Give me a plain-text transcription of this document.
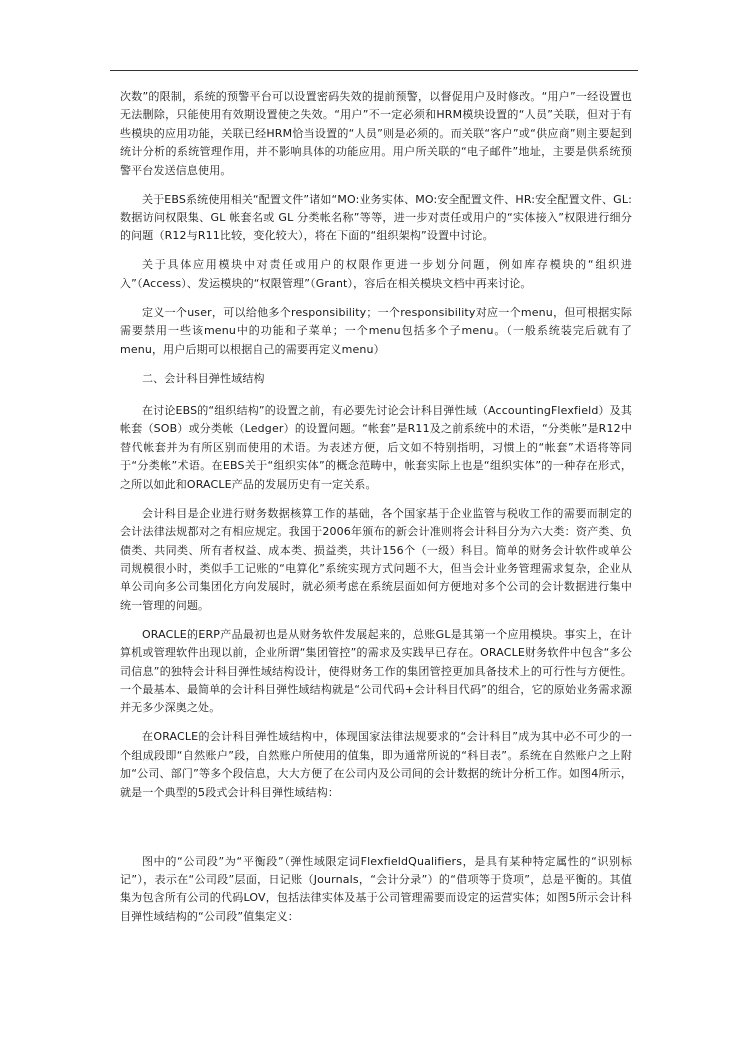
次数”的限制，系统的预警平台可以设置密码失效的提前预警，以督促用户及时修改。“用户”一经设置也无法删除，只能使用有效期设置使之失效。“用户”不一定必须和HRM模块设置的“人员”关联，但对于有些模块的应用功能，关联已经HRM恰当设置的“人员”则是必须的。而关联“客户”或“供应商”则主要起到统计分析的系统管理作用，并不影响具体的功能应用。用户所关联的“电子邮件”地址，主要是供系统预警平台发送信息使用。

关于EBS系统使用相关“配置文件”诸如“MO:业务实体、MO:安全配置文件、HR:安全配置文件、GL:数据访问权限集、GL 帐套名或 GL 分类帐名称”等等，进一步对责任或用户的“实体接入”权限进行细分的问题（R12与R11比较，变化较大），将在下面的“组织架构”设置中讨论。

关于具体应用模块中对责任或用户的权限作更进一步划分问题，例如库存模块的“组织进入”（Access）、发运模块的“权限管理”（Grant），容后在相关模块文档中再来讨论。

定义一个user，可以给他多个responsibility；一个responsibility对应一个menu，但可根据实际需要禁用一些该menu中的功能和子菜单；一个menu包括多个子menu。（一般系统装完后就有了menu，用户后期可以根据自己的需要再定义menu）

二、会计科目弹性域结构

在讨论EBS的“组织结构”的设置之前，有必要先讨论会计科目弹性域（AccountingFlexfield）及其帐套（SOB）或分类帐（Ledger）的设置问题。“帐套”是R11及之前系统中的术语，“分类帐”是R12中替代帐套并为有所区别而使用的术语。为表述方便，后文如不特别指明，习惯上的“帐套”术语将等同于“分类帐”术语。在EBS关于“组织实体”的概念范畴中，帐套实际上也是“组织实体”的一种存在形式，之所以如此和ORACLE产品的发展历史有一定关系。

会计科目是企业进行财务数据核算工作的基础，各个国家基于企业监管与税收工作的需要而制定的会计法律法规都对之有相应规定。我国于2006年颁布的新会计准则将会计科目分为六大类：资产类、负债类、共同类、所有者权益、成本类、损益类，共计156个（一级）科目。简单的财务会计软件或单公司规模很小时，类似手工记账的“电算化”系统实现方式问题不大，但当会计业务管理需求复杂，企业从单公司向多公司集团化方向发展时，就必须考虑在系统层面如何方便地对多个公司的会计数据进行集中统一管理的问题。

ORACLE的ERP产品最初也是从财务软件发展起来的，总账GL是其第一个应用模块。事实上，在计算机或管理软件出现以前，企业所谓“集团管控”的需求及实践早已存在。ORACLE财务软件中包含“多公司信息”的独特会计科目弹性域结构设计，使得财务工作的集团管控更加具备技术上的可行性与方便性。一个最基本、最简单的会计科目弹性域结构就是“公司代码+会计科目代码”的组合，它的原始业务需求源并无多少深奥之处。

在ORACLE的会计科目弹性域结构中，体现国家法律法规要求的“会计科目”成为其中必不可少的一个组成段即“自然账户”段，自然账户所使用的值集，即为通常所说的“科目表”。系统在自然账户之上附加“公司、部门”等多个段信息，大大方便了在公司内及公司间的会计数据的统计分析工作。如图4所示，就是一个典型的5段式会计科目弹性域结构：

图中的“公司段”为“平衡段”（弹性域限定词FlexfieldQualifiers，是具有某种特定属性的“识别标记”），表示在“公司段”层面，日记账（Journals，“会计分录”）的“借项等于贷项”，总是平衡的。其值集为包含所有公司的代码LOV，包括法律实体及基于公司管理需要而设定的运营实体；如图5所示会计科目弹性域结构的“公司段”值集定义：
